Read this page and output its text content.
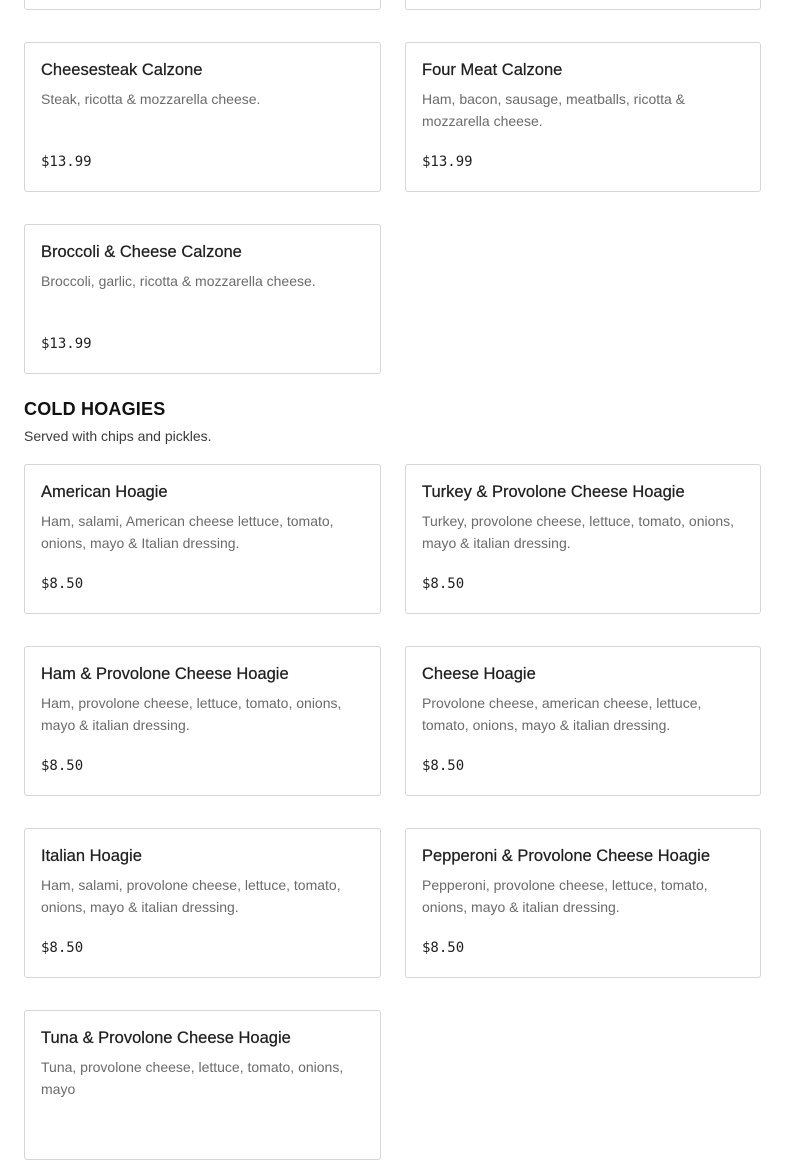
Cheesesteak Calzone
Steak, ricotta & mozzarella cheese.
$13.99
Four Meat Calzone
Ham, bacon, sausage, meatballs, ricotta & mozzarella cheese.
$13.99
Broccoli & Cheese Calzone
Broccoli, garlic, ricotta & mozzarella cheese.
$13.99
COLD HOAGIES
Served with chips and pickles.
American Hoagie
Ham, salami, American cheese lettuce, tomato, onions, mayo & Italian dressing.
$8.50
Turkey & Provolone Cheese Hoagie
Turkey, provolone cheese, lettuce, tomato, onions, mayo & italian dressing.
$8.50
Ham & Provolone Cheese Hoagie
Ham, provolone cheese, lettuce, tomato, onions, mayo & italian dressing.
$8.50
Cheese Hoagie
Provolone cheese, american cheese, lettuce, tomato, onions, mayo & italian dressing.
$8.50
Italian Hoagie
Ham, salami, provolone cheese, lettuce, tomato, onions, mayo & italian dressing.
$8.50
Pepperoni & Provolone Cheese Hoagie
Pepperoni, provolone cheese, lettuce, tomato, onions, mayo & italian dressing.
$8.50
Tuna & Provolone Cheese Hoagie
Tuna, provolone cheese, lettuce, tomato, onions, mayo
